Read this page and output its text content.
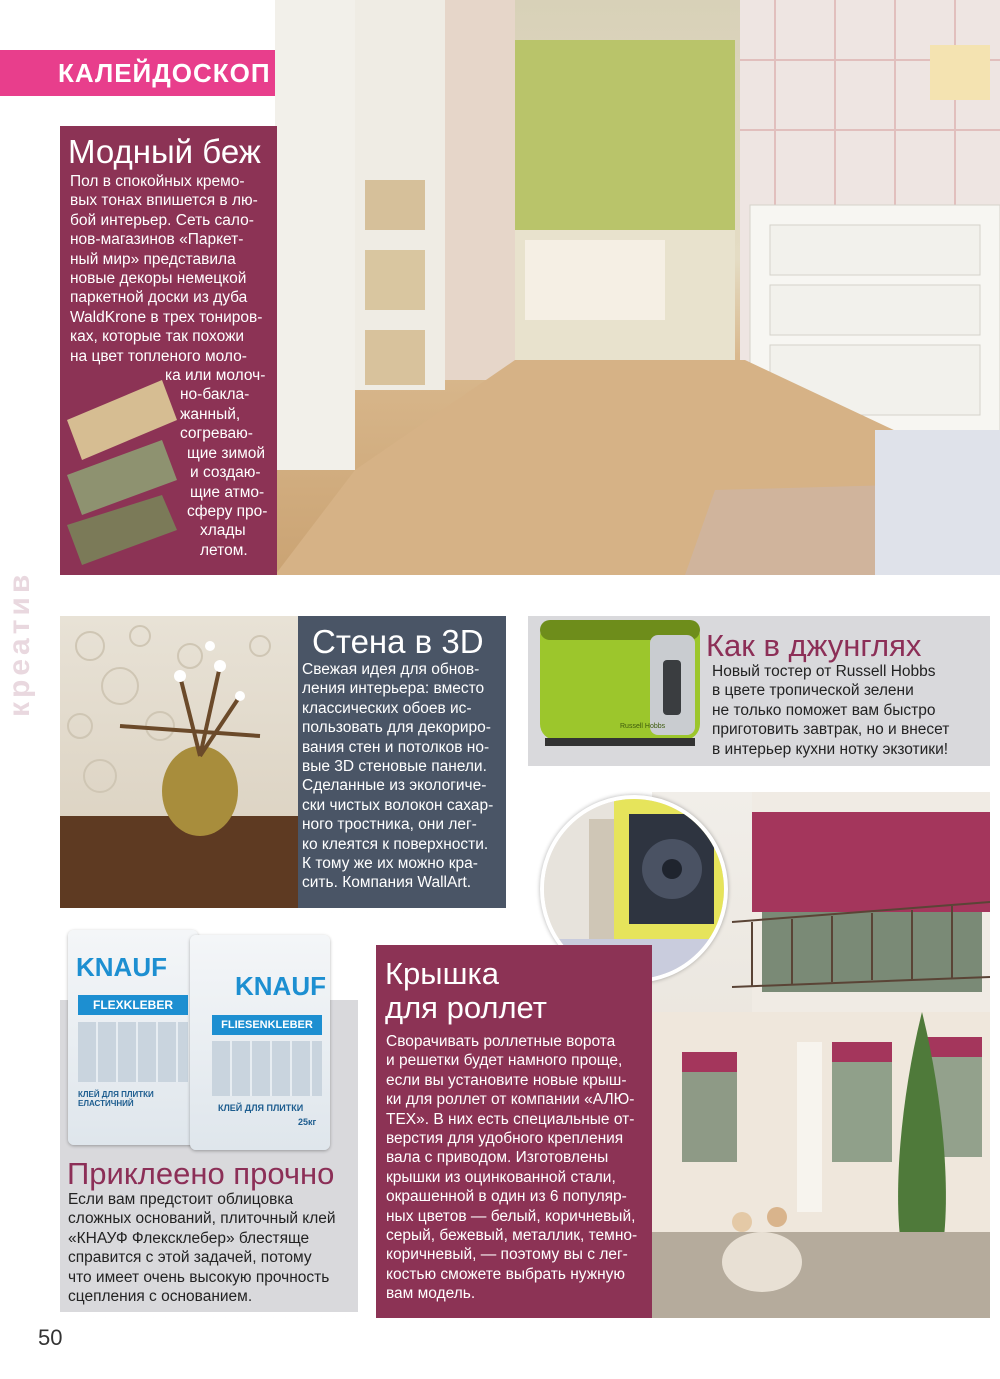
КАЛЕЙДОСКОП
креатив
Модный беж
Пол в спокойных кремо-
вых тонах впишется в лю-
бой интерьер. Сеть сало-
нов-магазинов «Паркет-
ный мир» представила
новые декоры немецкой
паркетной доски из дуба
WaldKrone в трех тониров-
ках, которые так похожи
на цвет топленого моло-
ка или молоч-
но-бакла-
жанный,
согреваю-
щие зимой
и создаю-
щие атмо-
сферу про-
хлады
летом.
Стена в 3D
Свежая идея для обнов-
ления интерьера: вместо
классических обоев ис-
пользовать для декориро-
вания стен и потолков но-
вые 3D стеновые панели.
Сделанные из экологиче-
ски чистых волокон сахар-
ного тростника, они лег-
ко клеятся к поверхности.
К тому же их можно кра-
сить. Компания WallArt.
Russell Hobbs
Как в джунглях
Новый тостер от Russell Hobbs
в цвете тропической зелени
не только поможет вам быстро
приготовить завтрак, но и внесет
в интерьер кухни нотку экзотики!
Крышка
для роллет
Сворачивать роллетные ворота
и решетки будет намного проще,
если вы установите новые крыш-
ки для роллет от компании «АЛЮ-
ТЕХ». В них есть специальные от-
верстия для удобного крепления
вала с приводом. Изготовлены
крышки из оцинкованной стали,
окрашенной в один из 6 популяр-
ных цветов — белый, коричневый,
серый, бежевый, металлик, темно-
коричневый, — поэтому вы с лег-
костью сможете выбрать нужную
вам модель.
KNAUF
FLEXKLEBER
КЛЕЙ ДЛЯ ПЛИТКИ ЕЛАСТИЧНИЙ
KNAUF
FLIESENKLEBER
КЛЕЙ ДЛЯ ПЛИТКИ
25кг
Приклеено прочно
Если вам предстоит облицовка
сложных оснований, плиточный клей
«КНАУФ Флексклебер» блестяще
справится с этой задачей, потому
что имеет очень высокую прочность
сцепления с основанием.
50
